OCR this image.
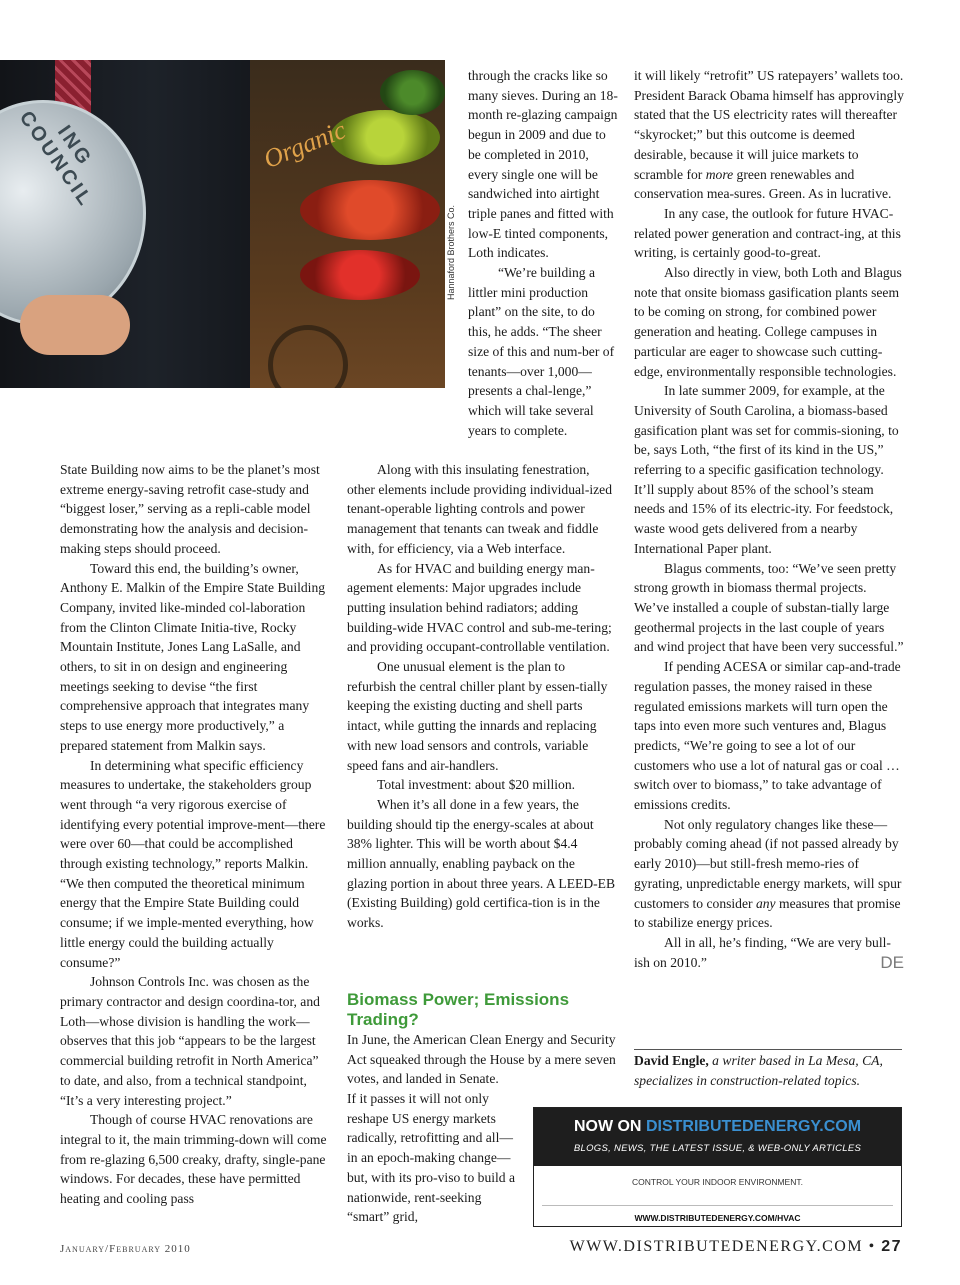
ING COUNCIL	Organic
Hannaford Brothers Co.

through the cracks like so many sieves. During an 18-month re-glazing campaign begun in 2009 and due to be completed in 2010, every single one will be sandwiched into airtight triple panes and fitted with low-E tinted components, Loth indicates.

“We’re building a littler mini production plant” on the site, to do this, he adds. “The sheer size of this and num-ber of tenants—over 1,000—presents a chal-lenge,” which will take several years to complete.

State Building now aims to be the planet’s most extreme energy-saving retrofit case-study and “biggest loser,” serving as a repli-cable model demonstrating how the analysis and decision-making steps should proceed.

Toward this end, the building’s owner, Anthony E. Malkin of the Empire State Building Company, invited like-minded col-laboration from the Clinton Climate Initia-tive, Rocky Mountain Institute, Jones Lang LaSalle, and others, to sit in on design and engineering meetings seeking to devise “the first comprehensive approach that integrates many steps to use energy more productively,” a prepared statement from Malkin says.

In determining what specific efficiency measures to undertake, the stakeholders group went through “a very rigorous exercise of identifying every potential improve-ment—there were over 60—that could be accomplished through existing technology,” reports Malkin. “We then computed the theoretical minimum energy that the Empire State Building could consume; if we imple-mented everything, how little energy could the building actually consume?”

Johnson Controls Inc. was chosen as the primary contractor and design coordina-tor, and Loth—whose division is handling the work—observes that this job “appears to be the largest commercial building retrofit in North America” to date, and also, from a technical standpoint, “It’s a very interesting project.”

Though of course HVAC renovations are integral to it, the main trimming-down will come from re-glazing 6,500 creaky, drafty, single-pane windows. For decades, these have permitted heating and cooling pass

Along with this insulating fenestration, other elements include providing individual-ized tenant-operable lighting controls and power management that tenants can tweak and fiddle with, for efficiency, via a Web interface.

As for HVAC and building energy man-agement elements: Major upgrades include putting insulation behind radiators; adding building-wide HVAC control and sub-me-tering; and providing occupant-controllable ventilation.

One unusual element is the plan to refurbish the central chiller plant by essen-tially keeping the existing ducting and shell parts intact, while gutting the innards and replacing with new load sensors and controls, variable speed fans and air-handlers.

Total investment: about $20 million.

When it’s all done in a few years, the building should tip the energy-scales at about 38% lighter. This will be worth about $4.4 million annually, enabling payback on the glazing portion in about three years. A LEED-EB (Existing Building) gold certifica-tion is in the works.

Biomass Power; Emissions Trading?

In June, the American Clean Energy and Security Act squeaked through the House by a mere seven votes, and landed in Senate.

If it passes it will not only reshape US energy markets radically, retrofitting and all—in an epoch-making change—but, with its pro-viso to build a nationwide, rent-seeking “smart” grid,

it will likely “retrofit” US ratepayers’ wallets too. President Barack Obama himself has approvingly stated that the US electricity rates will thereafter “skyrocket;” but this outcome is deemed desirable, because it will juice markets to scramble for more green renewables and conservation mea-sures. Green. As in lucrative.

In any case, the outlook for future HVAC-related power generation and contract-ing, at this writing, is certainly good-to-great.

Also directly in view, both Loth and Blagus note that onsite biomass gasification plants seem to be coming on strong, for combined power generation and heating. College campuses in particular are eager to showcase such cutting-edge, environmentally responsible technologies.

In late summer 2009, for example, at the University of South Carolina, a biomass-based gasification plant was set for commis-sioning, to be, says Loth, “the first of its kind in the US,” referring to a specific gasification technology. It’ll supply about 85% of the school’s steam needs and 15% of its electric-ity. For feedstock, waste wood gets delivered from a nearby International Paper plant.

Blagus comments, too: “We’ve seen pretty strong growth in biomass thermal projects. We’ve installed a couple of substan-tially large geothermal projects in the last couple of years and wind project that have been very successful.”

If pending ACESA or similar cap-and-trade regulation passes, the money raised in these regulated emissions markets will turn open the taps into even more such ventures and, Blagus predicts, “We’re going to see a lot of our customers who use a lot of natural gas or coal … switch over to biomass,” to take advantage of emissions credits.

Not only regulatory changes like these—probably coming ahead (if not passed already by early 2010)—but still-fresh memo-ries of gyrating, unpredictable energy markets, will spur customers to consider any measures that promise to stabilize energy prices.

All in all, he’s finding, “We are very bull-ish on 2010.”	DE

David Engle, a writer based in La Mesa, CA, specializes in construction-related topics.
NOW ON DISTRIBUTEDENERGY.COM
BLOGS, NEWS, THE LATEST ISSUE, & WEB-ONLY ARTICLES
CONTROL YOUR INDOOR ENVIRONMENT.
WWW.DISTRIBUTEDENERGY.COM/HVAC
January/February 2010	WWW.DISTRIBUTEDENERGY.COM • 27
